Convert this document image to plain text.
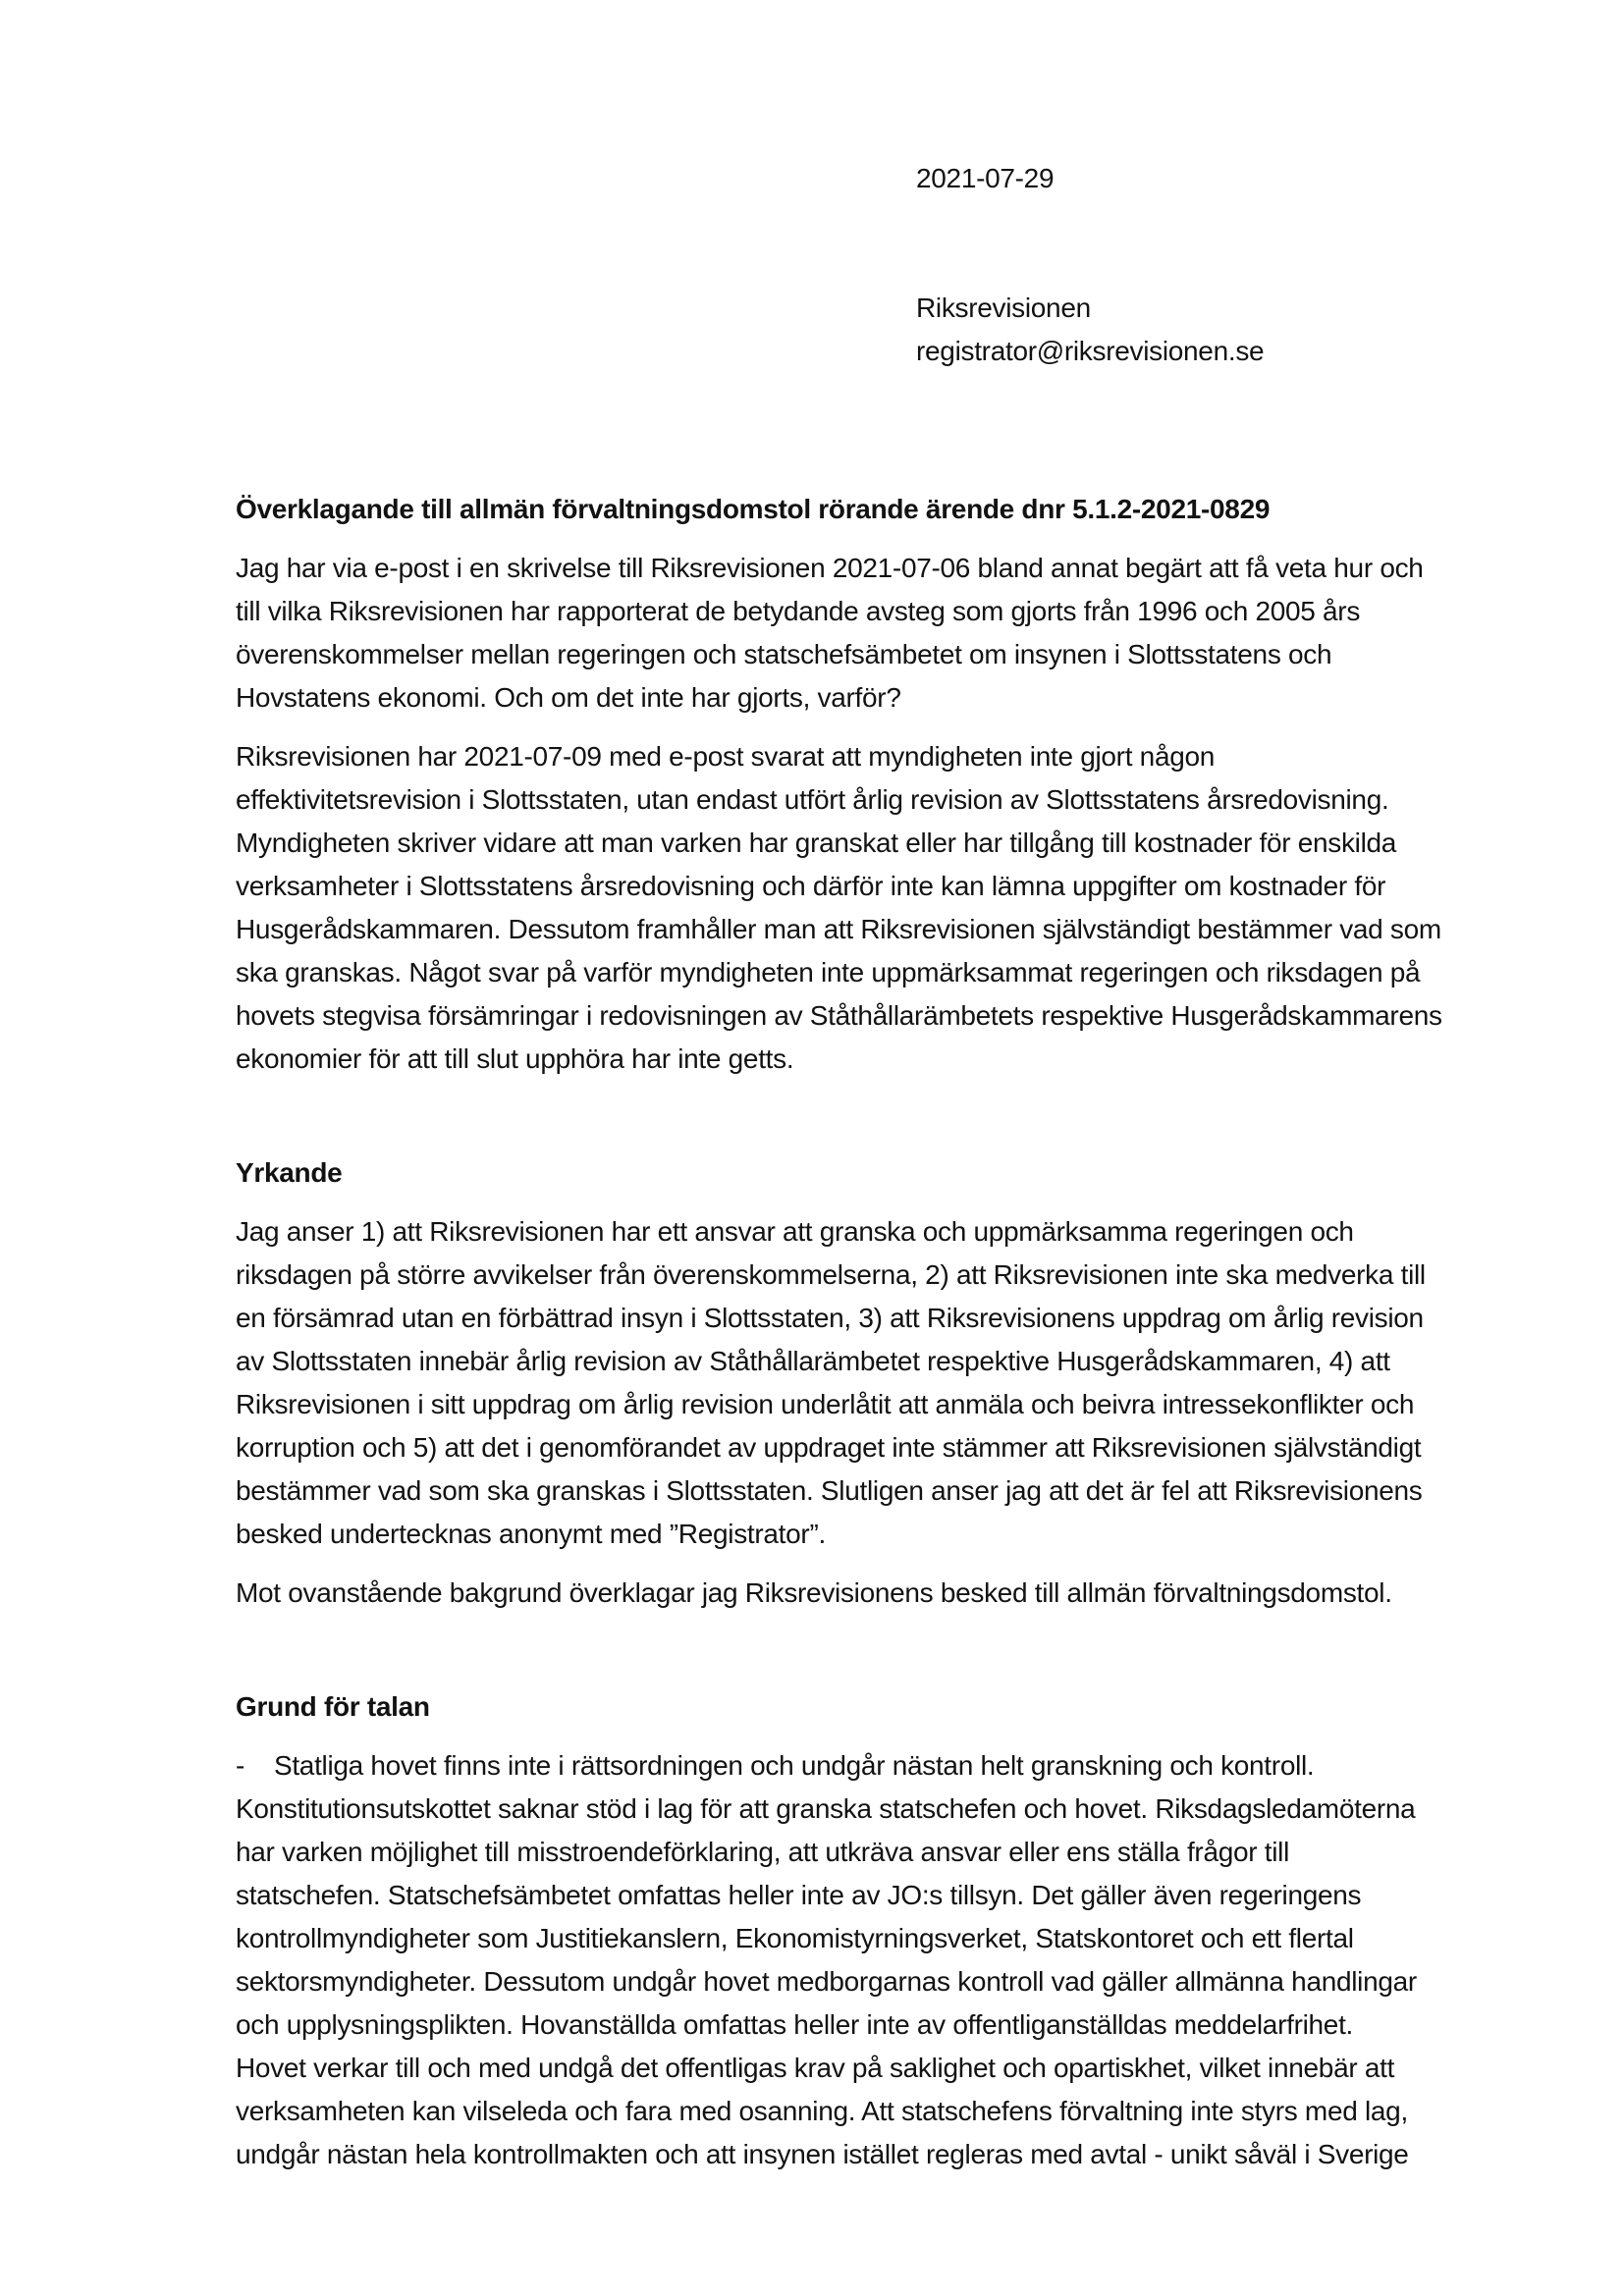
2021-07-29
Riksrevisionen
registrator@riksrevisionen.se
Överklagande till allmän förvaltningsdomstol rörande ärende dnr 5.1.2-2021-0829
Jag har via e-post i en skrivelse till Riksrevisionen 2021-07-06 bland annat begärt att få veta hur och
till vilka Riksrevisionen har rapporterat de betydande avsteg som gjorts från 1996 och 2005 års
överenskommelser mellan regeringen och statschefsämbetet om insynen i Slottsstatens och
Hovstatens ekonomi. Och om det inte har gjorts, varför?
Riksrevisionen har 2021-07-09 med e-post svarat att myndigheten inte gjort någon
effektivitetsrevision i Slottsstaten, utan endast utfört årlig revision av Slottsstatens årsredovisning.
Myndigheten skriver vidare att man varken har granskat eller har tillgång till kostnader för enskilda
verksamheter i Slottsstatens årsredovisning och därför inte kan lämna uppgifter om kostnader för
Husgerådskammaren. Dessutom framhåller man att Riksrevisionen självständigt bestämmer vad som
ska granskas. Något svar på varför myndigheten inte uppmärksammat regeringen och riksdagen på
hovets stegvisa försämringar i redovisningen av Ståthållarämbetets respektive Husgerådskammarens
ekonomier för att till slut upphöra har inte getts.
Yrkande
Jag anser 1) att Riksrevisionen har ett ansvar att granska och uppmärksamma regeringen och
riksdagen på större avvikelser från överenskommelserna, 2) att Riksrevisionen inte ska medverka till
en försämrad utan en förbättrad insyn i Slottsstaten, 3) att Riksrevisionens uppdrag om årlig revision
av Slottsstaten innebär årlig revision av Ståthållarämbetet respektive Husgerådskammaren, 4) att
Riksrevisionen i sitt uppdrag om årlig revision underlåtit att anmäla och beivra intressekonflikter och
korruption och 5) att det i genomförandet av uppdraget inte stämmer att Riksrevisionen självständigt
bestämmer vad som ska granskas i Slottsstaten. Slutligen anser jag att det är fel att Riksrevisionens
besked undertecknas anonymt med ”Registrator”.
Mot ovanstående bakgrund överklagar jag Riksrevisionens besked till allmän förvaltningsdomstol.
Grund för talan
-    Statliga hovet finns inte i rättsordningen och undgår nästan helt granskning och kontroll.
Konstitutionsutskottet saknar stöd i lag för att granska statschefen och hovet. Riksdagsledamöterna
har varken möjlighet till misstroendeförklaring, att utkräva ansvar eller ens ställa frågor till
statschefen. Statschefsämbetet omfattas heller inte av JO:s tillsyn. Det gäller även regeringens
kontrollmyndigheter som Justitiekanslern, Ekonomistyrningsverket, Statskontoret och ett flertal
sektorsmyndigheter. Dessutom undgår hovet medborgarnas kontroll vad gäller allmänna handlingar
och upplysningsplikten. Hovanställda omfattas heller inte av offentliganställdas meddelarfrihet.
Hovet verkar till och med undgå det offentligas krav på saklighet och opartiskhet, vilket innebär att
verksamheten kan vilseleda och fara med osanning. Att statschefens förvaltning inte styrs med lag,
undgår nästan hela kontrollmakten och att insynen istället regleras med avtal - unikt såväl i Sverige
